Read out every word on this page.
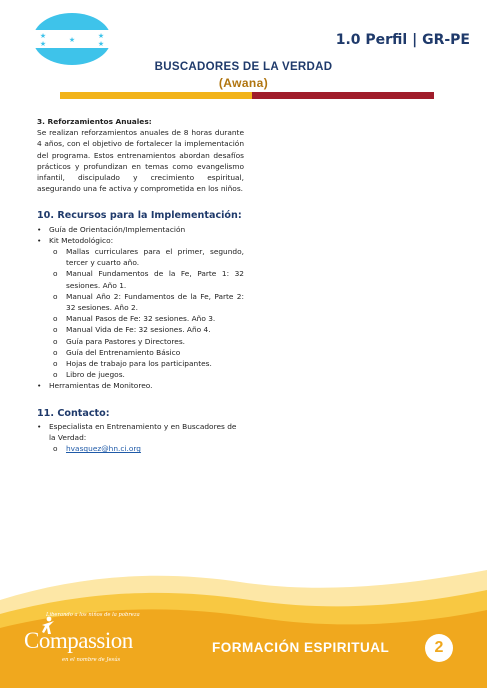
★
★	★	★
★	1.0 Perfil | GR-PE
BUSCADORES DE LA VERDAD
(Awana)
3. Reforzamientos Anuales:
Se realizan reforzamientos anuales de 8 horas durante 4 años, con el objetivo de fortalecer la implementación del programa. Estos entrenamientos abordan desafíos prácticos y profundizan en temas como evangelismo infantil, discipulado y crecimiento espiritual, asegurando una fe activa y comprometida en los niños.
10. Recursos para la Implementación:
• Guía de Orientación/Implementación
• Kit Metodológico:
o Mallas curriculares para el primer, segundo, tercer y cuarto año.
o Manual Fundamentos de la Fe, Parte 1: 32 sesiones. Año 1.
o Manual Año 2: Fundamentos de la Fe, Parte 2: 32 sesiones. Año 2.
o Manual Pasos de Fe: 32 sesiones. Año 3.
o Manual Vida de Fe: 32 sesiones. Año 4.
o Guía para Pastores y Directores.
o Guía del Entrenamiento Básico
o Hojas de trabajo para los participantes.
o Libro de juegos.
• Herramientas de Monitoreo.
11. Contacto:
• Especialista en Entrenamiento y en Buscadores de la Verdad:
o hvasquez@hn.ci.org
Liberando a los niños de la pobreza
Compassion
en el nombre de Jesús
FORMACIÓN ESPIRITUAL	2
